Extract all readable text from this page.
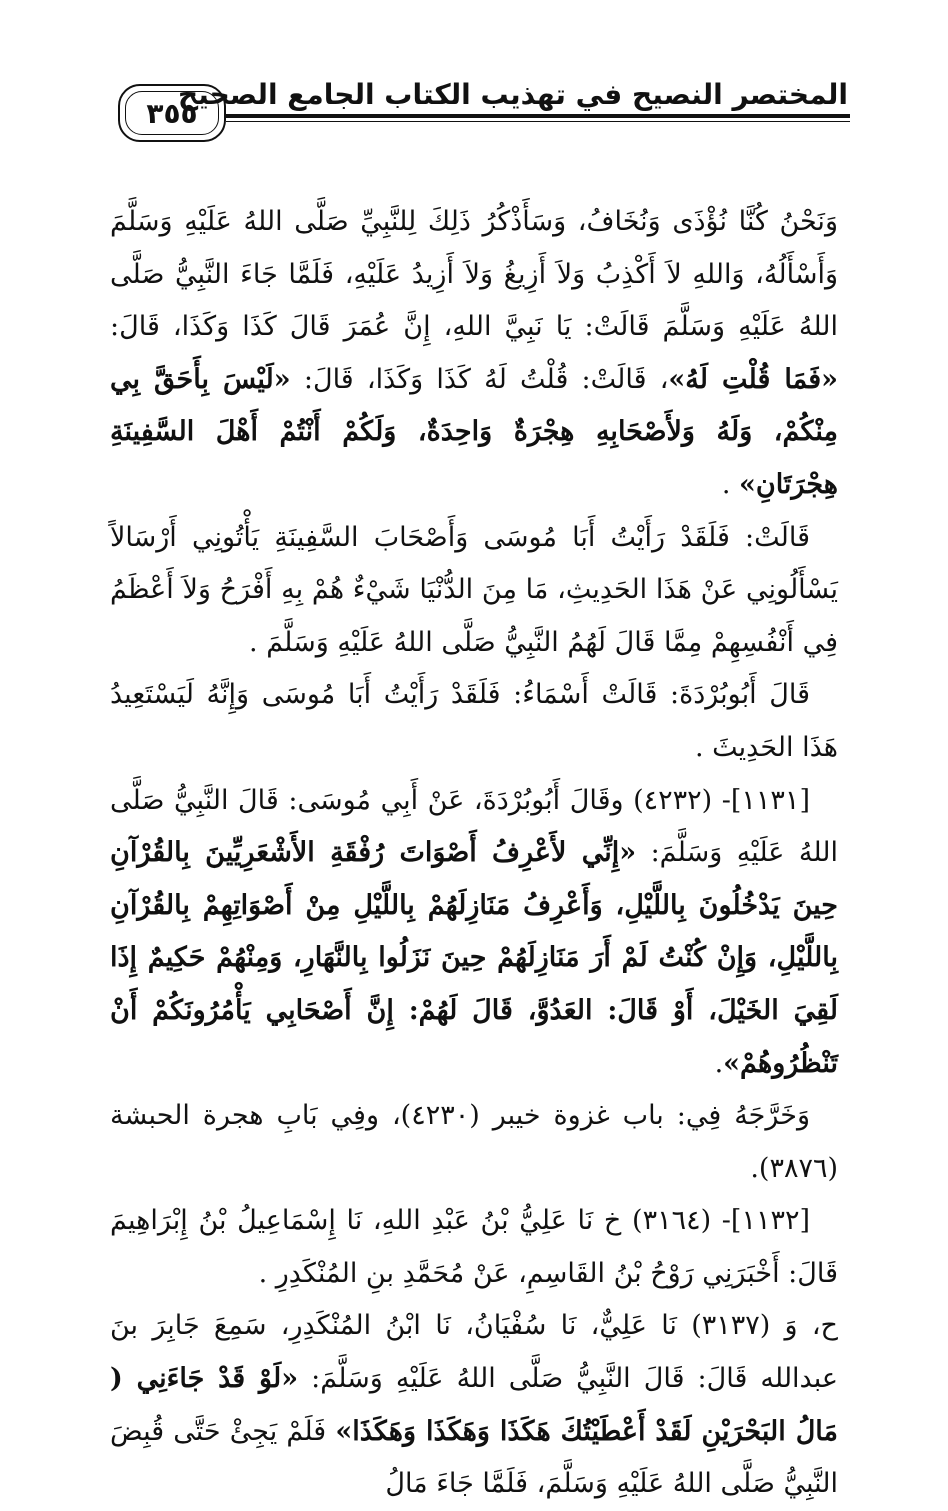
المختصر النصيح في تهذيب الكتاب الجامع الصحيح
٣٥٥

وَنَحْنُ كُنَّا نُؤْذَى وَنُخَافُ، وَسَأَذْكُرُ ذَلِكَ لِلنَّبِيِّ صَلَّى اللهُ عَلَيْهِ وَسَلَّمَ وَأَسْأَلُهُ، وَاللهِ لاَ أَكْذِبُ وَلاَ أَزِيغُ وَلاَ أَزِيدُ عَلَيْهِ، فَلَمَّا جَاءَ النَّبِيُّ صَلَّى اللهُ عَلَيْهِ وَسَلَّمَ قَالَتْ: يَا نَبِيَّ اللهِ، إِنَّ عُمَرَ قَالَ كَذَا وَكَذَا، قَالَ: «فَمَا قُلْتِ لَهُ»، قَالَتْ: قُلْتُ لَهُ كَذَا وَكَذَا، قَالَ: «لَيْسَ بِأَحَقَّ بِي مِنْكُمْ، وَلَهُ وَلأَصْحَابِهِ هِجْرَةٌ وَاحِدَةٌ، وَلَكُمْ أَنْتُمْ أَهْلَ السَّفِينَةِ هِجْرَتَانِ» .

قَالَتْ: فَلَقَدْ رَأَيْتُ أَبَا مُوسَى وَأَصْحَابَ السَّفِينَةِ يَأْتُونِي أَرْسَالاً يَسْأَلُونِي عَنْ هَذَا الحَدِيثِ، مَا مِنَ الدُّنْيَا شَيْءٌ هُمْ بِهِ أَفْرَحُ وَلاَ أَعْظَمُ فِي أَنْفُسِهِمْ مِمَّا قَالَ لَهُمُ النَّبِيُّ صَلَّى اللهُ عَلَيْهِ وَسَلَّمَ .

قَالَ أَبُوبُرْدَةَ: قَالَتْ أَسْمَاءُ: فَلَقَدْ رَأَيْتُ أَبَا مُوسَى وَإِنَّهُ لَيَسْتَعِيدُ هَذَا الحَدِيثَ .

[١١٣١]- (٤٢٣٢) وقَالَ أَبُوبُرْدَةَ، عَنْ أَبِي مُوسَى: قَالَ النَّبِيُّ صَلَّى اللهُ عَلَيْهِ وَسَلَّمَ: «إِنِّي لأَعْرِفُ أَصْوَاتَ رُفْقَةِ الأَشْعَرِيِّينَ بِالقُرْآنِ حِينَ يَدْخُلُونَ بِاللَّيْلِ، وَأَعْرِفُ مَنَازِلَهُمْ بِاللَّيْلِ مِنْ أَصْوَاتِهِمْ بِالقُرْآنِ بِاللَّيْلِ، وَإِنْ كُنْتُ لَمْ أَرَ مَنَازِلَهُمْ حِينَ نَزَلُوا بِالنَّهَارِ، وَمِنْهُمْ حَكِيمٌ إِذَا لَقِيَ الخَيْلَ، أَوْ قَالَ: العَدُوَّ، قَالَ لَهُمْ: إِنَّ أَصْحَابِي يَأْمُرُونَكُمْ أَنْ تَنْظُرُوهُمْ».

وَخَرَّجَهُ فِي: باب غزوة خيبر (٤٢٣٠)، وفِي بَابِ هجرة الحبشة (٣٨٧٦).

[١١٣٢]- (٣١٦٤) خ نَا عَلِيُّ بْنُ عَبْدِ اللهِ، نَا إِسْمَاعِيلُ بْنُ إِبْرَاهِيمَ قَالَ: أَخْبَرَنِي رَوْحُ بْنُ القَاسِمِ، عَنْ مُحَمَّدِ بنِ المُنْكَدِرِ .

ح، وَ (٣١٣٧) نَا عَلِيٌّ، نَا سُفْيَانُ، نَا ابْنُ المُنْكَدِرِ، سَمِعَ جَابِرَ بنَ عبدالله قَالَ: قَالَ النَّبِيُّ صَلَّى اللهُ عَلَيْهِ وَسَلَّمَ: «لَوْ قَدْ جَاءَنِي ( مَالُ البَحْرَيْنِ لَقَدْ أَعْطَيْتُكَ هَكَذَا وَهَكَذَا وَهَكَذَا» فَلَمْ يَجِئْ حَتَّى قُبِضَ النَّبِيُّ صَلَّى اللهُ عَلَيْهِ وَسَلَّمَ، فَلَمَّا جَاءَ مَالُ
